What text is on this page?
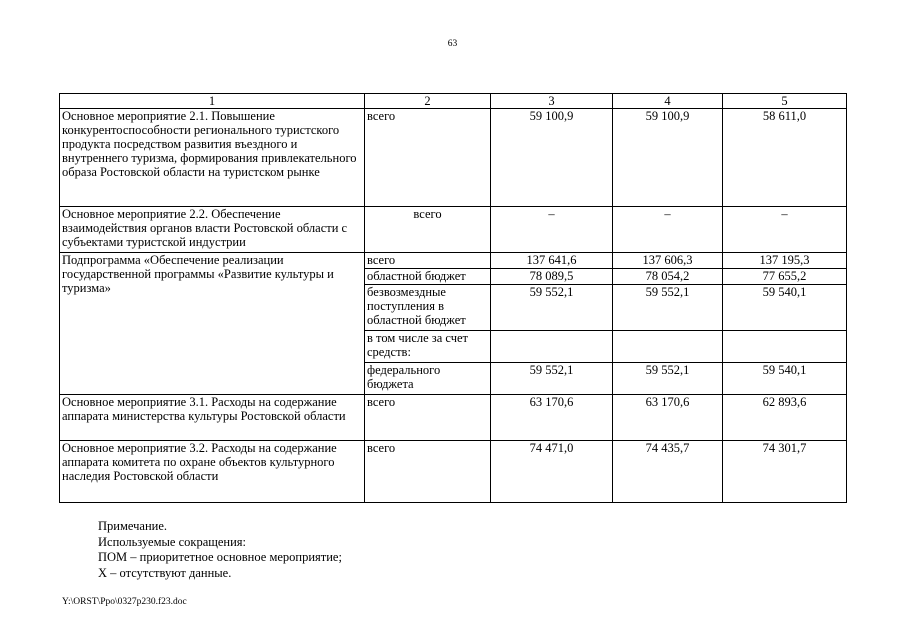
63
1	2	3	4	5
Основное мероприятие 2.1. Повышение конкурентоспособности регионального туристского продукта посредством развития въездного и внутреннего туризма, формирования привлекательного образа Ростовской области на туристском рынке	всего	59 100,9	59 100,9	58 611,0
Основное мероприятие 2.2. Обеспечение взаимодействия органов власти Ростовской области с субъектами туристской индустрии	всего	–	–	–
Подпрограмма «Обеспечение реализации государственной программы «Развитие культуры и туризма»	всего	137 641,6	137 606,3	137 195,3
	областной бюджет	78 089,5	78 054,2	77 655,2
	безвозмездные поступления в областной бюджет	59 552,1	59 552,1	59 540,1
	в том числе за счет средств:			
	федерального бюджета	59 552,1	59 552,1	59 540,1
Основное мероприятие 3.1. Расходы на содержание аппарата министерства культуры Ростовской области	всего	63 170,6	63 170,6	62 893,6
Основное мероприятие 3.2. Расходы на содержание аппарата комитета по охране объектов культурного наследия Ростовской области	всего	74 471,0	74 435,7	74 301,7
Примечание.
Используемые сокращения:
ПОМ – приоритетное основное мероприятие;
Х – отсутствуют данные.
Y:\ORST\Ppo\0327p230.f23.doc
